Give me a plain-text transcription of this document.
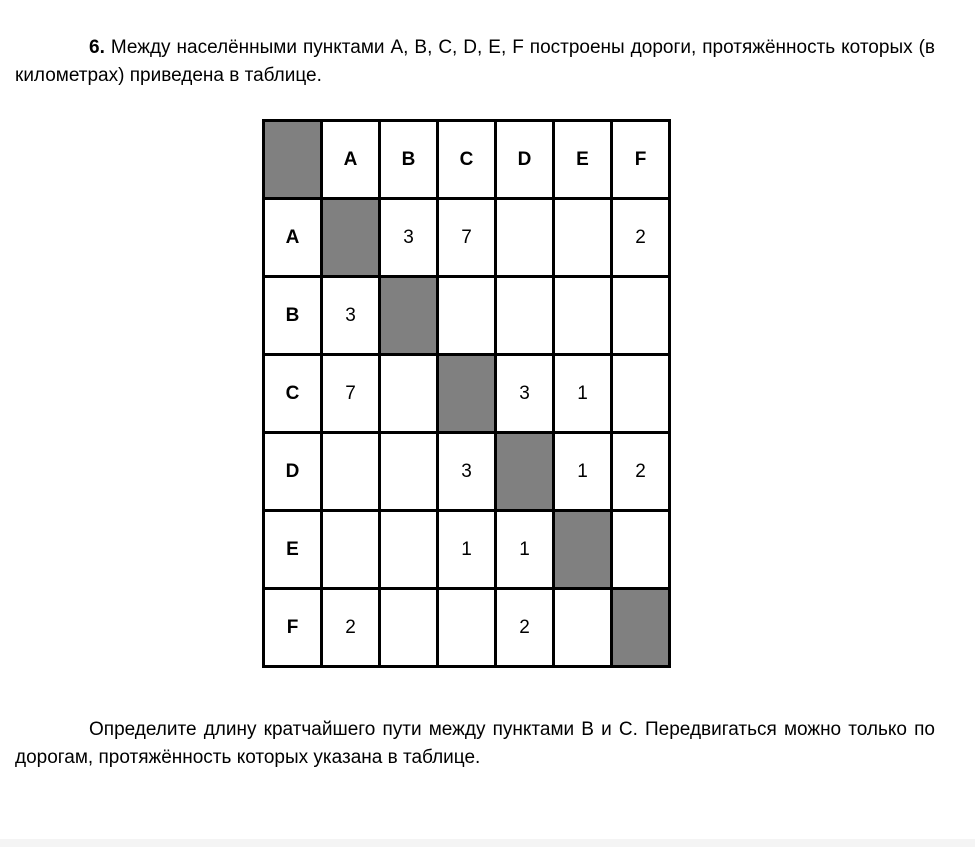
6. Между населёнными пунктами A, B, C, D, E, F построены дороги, протяжённость которых (в километрах) приведена в таблице.

	A	B	C	D	E	F
A		3	7			2
B	3					
C	7			3	1	
D			3		1	2
E			1	1		
F	2			2		

Определите длину кратчайшего пути между пунктами B и C. Передвигаться можно только по дорогам, протяжённость которых указана в таблице.
